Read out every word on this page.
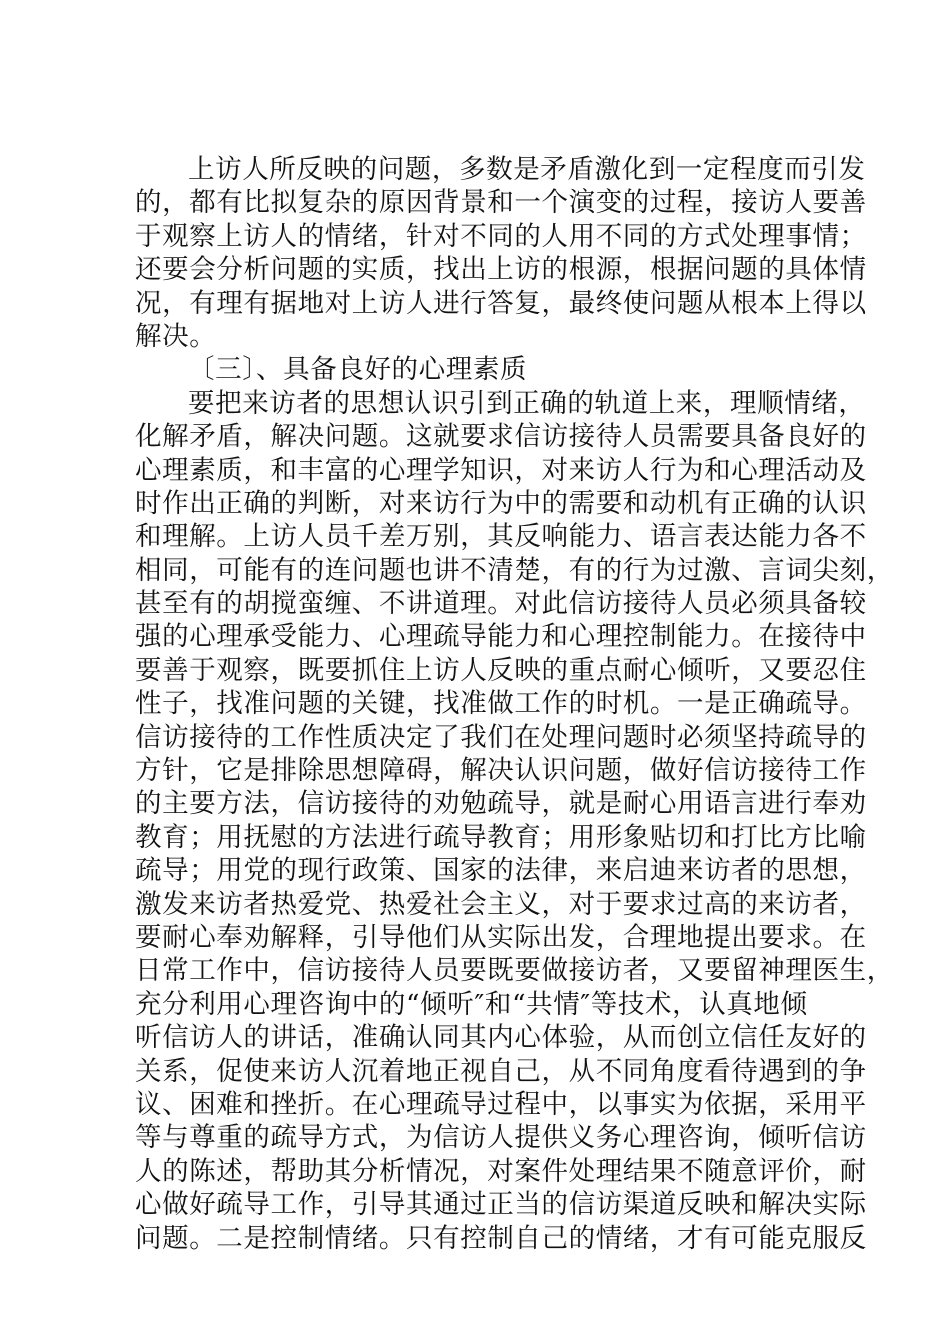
上访人所反映的问题，多数是矛盾激化到一定程度而引发
的，都有比拟复杂的原因背景和一个演变的过程，接访人要善
于观察上访人的情绪，针对不同的人用不同的方式处理事情；
还要会分析问题的实质，找出上访的根源，根据问题的具体情
况，有理有据地对上访人进行答复，最终使问题从根本上得以
解决。
〔三〕、具备良好的心理素质
要把来访者的思想认识引到正确的轨道上来，理顺情绪，
化解矛盾，解决问题。这就要求信访接待人员需要具备良好的
心理素质，和丰富的心理学知识，对来访人行为和心理活动及
时作出正确的判断，对来访行为中的需要和动机有正确的认识
和理解。上访人员千差万别，其反响能力、语言表达能力各不
相同，可能有的连问题也讲不清楚，有的行为过激、言词尖刻，
甚至有的胡搅蛮缠、不讲道理。对此信访接待人员必须具备较
强的心理承受能力、心理疏导能力和心理控制能力。在接待中
要善于观察，既要抓住上访人反映的重点耐心倾听，又要忍住
性子，找准问题的关键，找准做工作的时机。一是正确疏导。
信访接待的工作性质决定了我们在处理问题时必须坚持疏导的
方针，它是排除思想障碍，解决认识问题，做好信访接待工作
的主要方法，信访接待的劝勉疏导，就是耐心用语言进行奉劝
教育；用抚慰的方法进行疏导教育；用形象贴切和打比方比喻
疏导；用党的现行政策、国家的法律，来启迪来访者的思想，
激发来访者热爱党、热爱社会主义，对于要求过高的来访者，
要耐心奉劝解释，引导他们从实际出发，合理地提出要求。在
日常工作中，信访接待人员要既要做接访者，又要留神理医生，
充分利用心理咨询中的“倾听″和“共情″等技术，认真地倾
听信访人的讲话，准确认同其内心体验，从而创立信任友好的
关系，促使来访人沉着地正视自己，从不同角度看待遇到的争
议、困难和挫折。在心理疏导过程中，以事实为依据，采用平
等与尊重的疏导方式，为信访人提供义务心理咨询，倾听信访
人的陈述，帮助其分析情况，对案件处理结果不随意评价，耐
心做好疏导工作，引导其通过正当的信访渠道反映和解决实际
问题。二是控制情绪。只有控制自己的情绪，才有可能克服反
